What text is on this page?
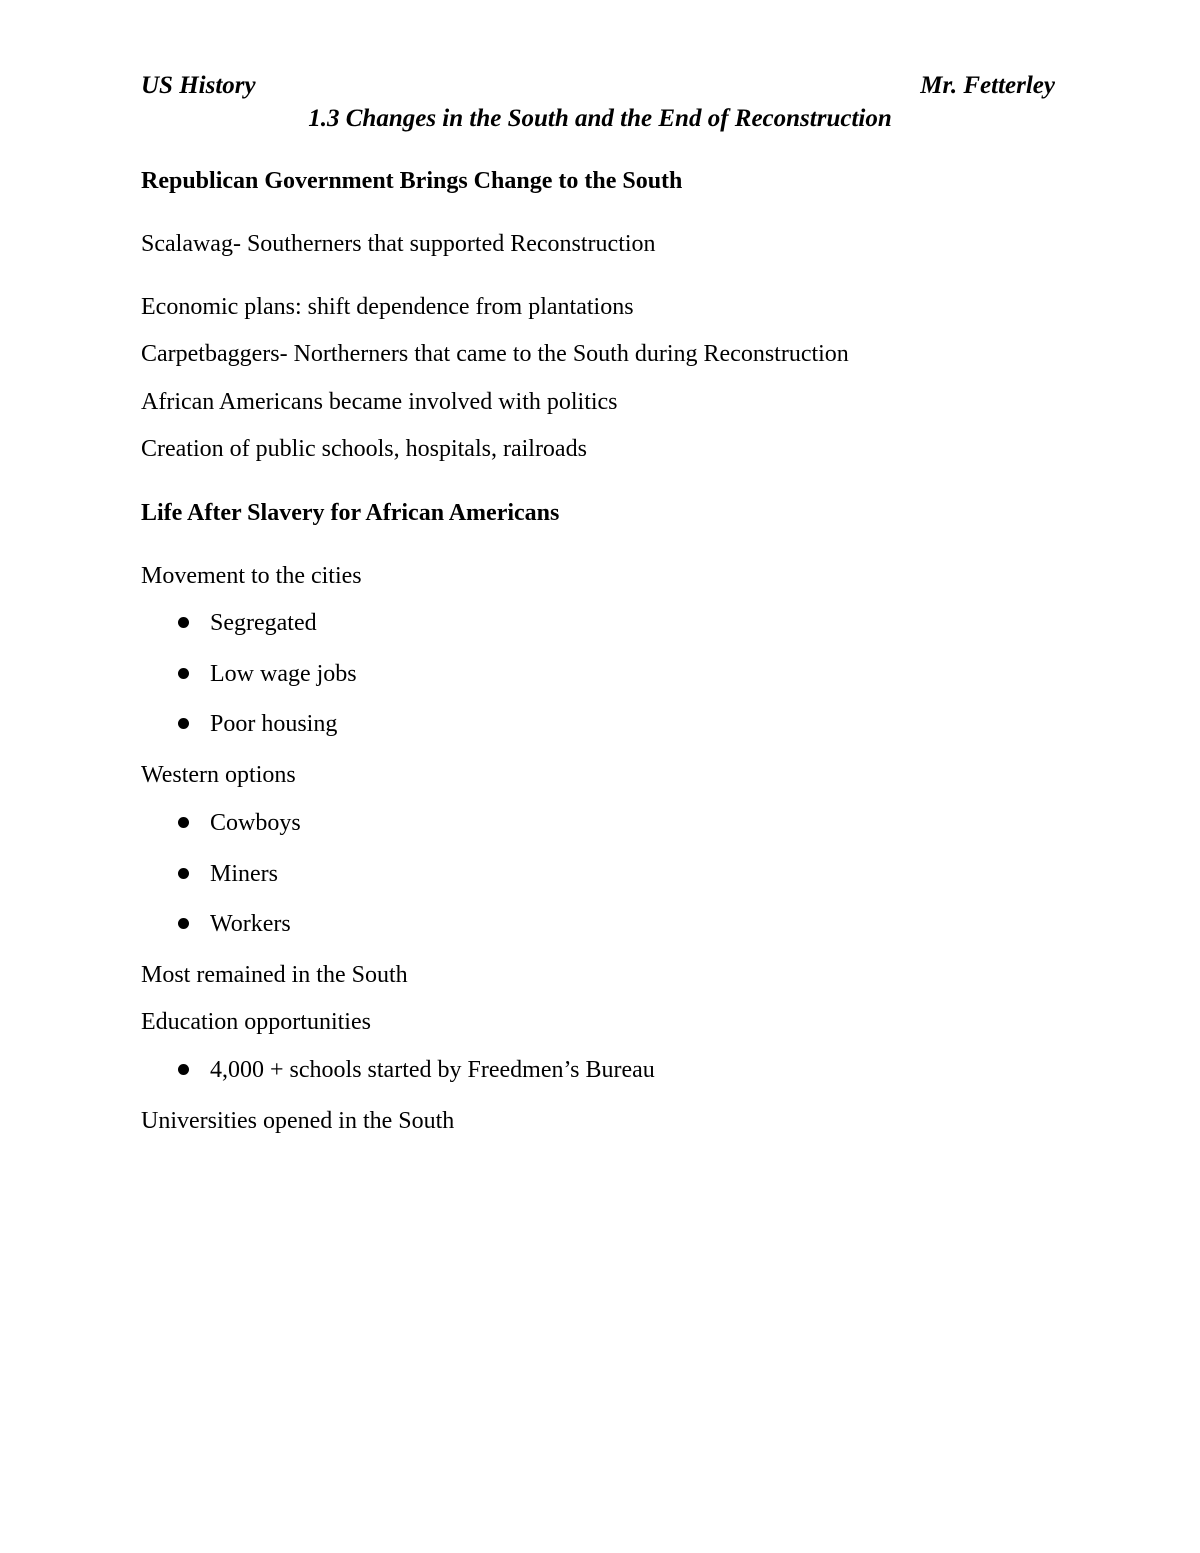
US History	Mr. Fetterley
1.3 Changes in the South and the End of Reconstruction
Republican Government Brings Change to the South
Scalawag- Southerners that supported Reconstruction
Economic plans: shift dependence from plantations
Carpetbaggers- Northerners that came to the South during Reconstruction
African Americans became involved with politics
Creation of public schools, hospitals, railroads
Life After Slavery for African Americans
Movement to the cities
Segregated
Low wage jobs
Poor housing
Western options
Cowboys
Miners
Workers
Most remained in the South
Education opportunities
4,000 + schools started by Freedmen’s Bureau
Universities opened in the South
